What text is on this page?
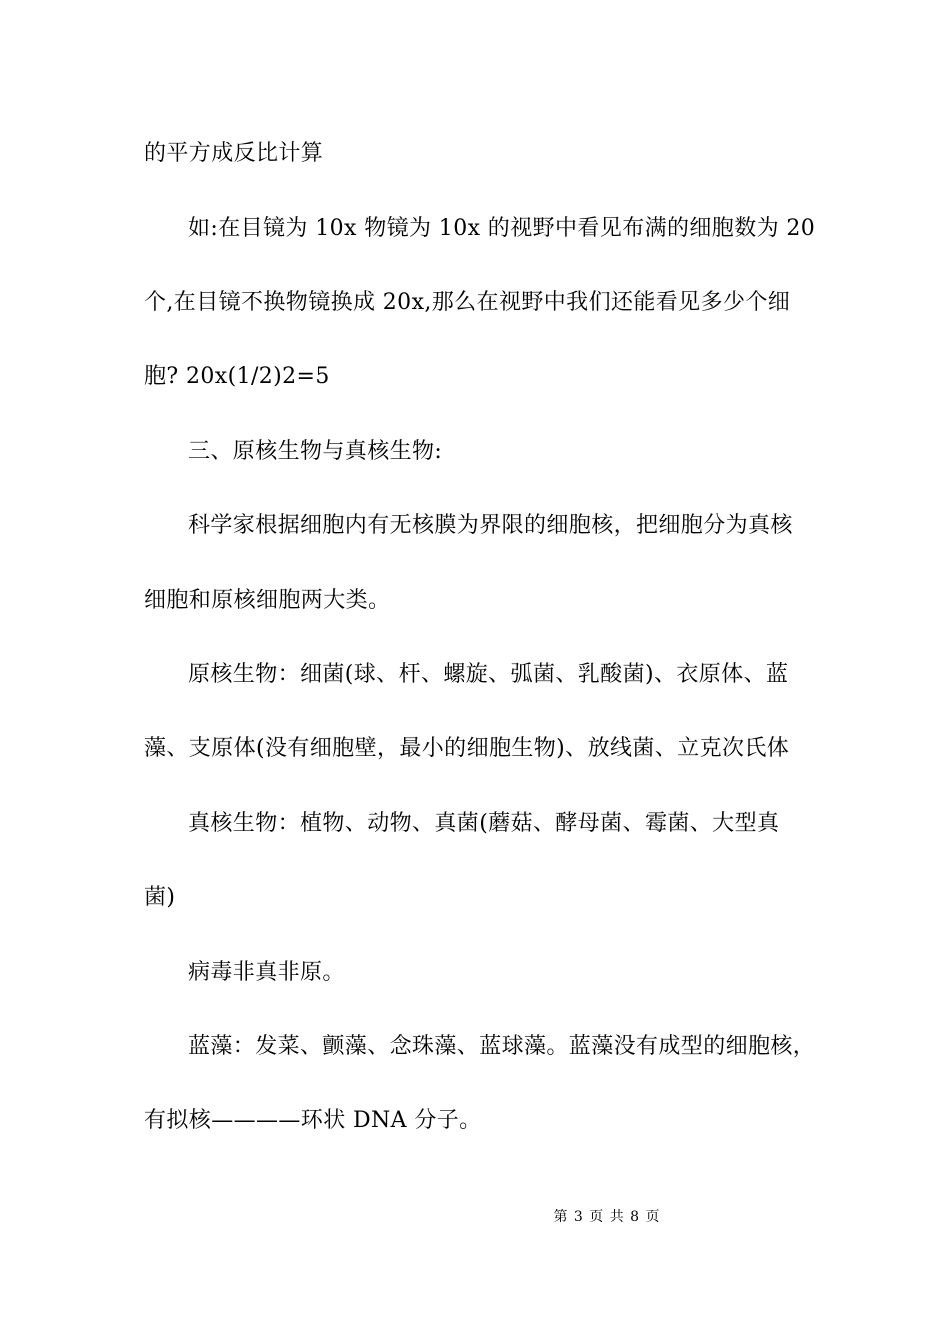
的平方成反比计算
如:在目镜为 10x 物镜为 10x 的视野中看见布满的细胞数为 20
个,在目镜不换物镜换成 20x,那么在视野中我们还能看见多少个细
胞? 20x(1/2)2=5
三、原核生物与真核生物:
科学家根据细胞内有无核膜为界限的细胞核，把细胞分为真核
细胞和原核细胞两大类。
原核生物：细菌(球、杆、螺旋、弧菌、乳酸菌)、衣原体、蓝
藻、支原体(没有细胞壁，最小的细胞生物)、放线菌、立克次氏体
真核生物：植物、动物、真菌(蘑菇、酵母菌、霉菌、大型真
菌)
病毒非真非原。
蓝藻：发菜、颤藻、念珠藻、蓝球藻。蓝藻没有成型的细胞核，
有拟核————环状 DNA 分子。
第 3 页 共 8 页
